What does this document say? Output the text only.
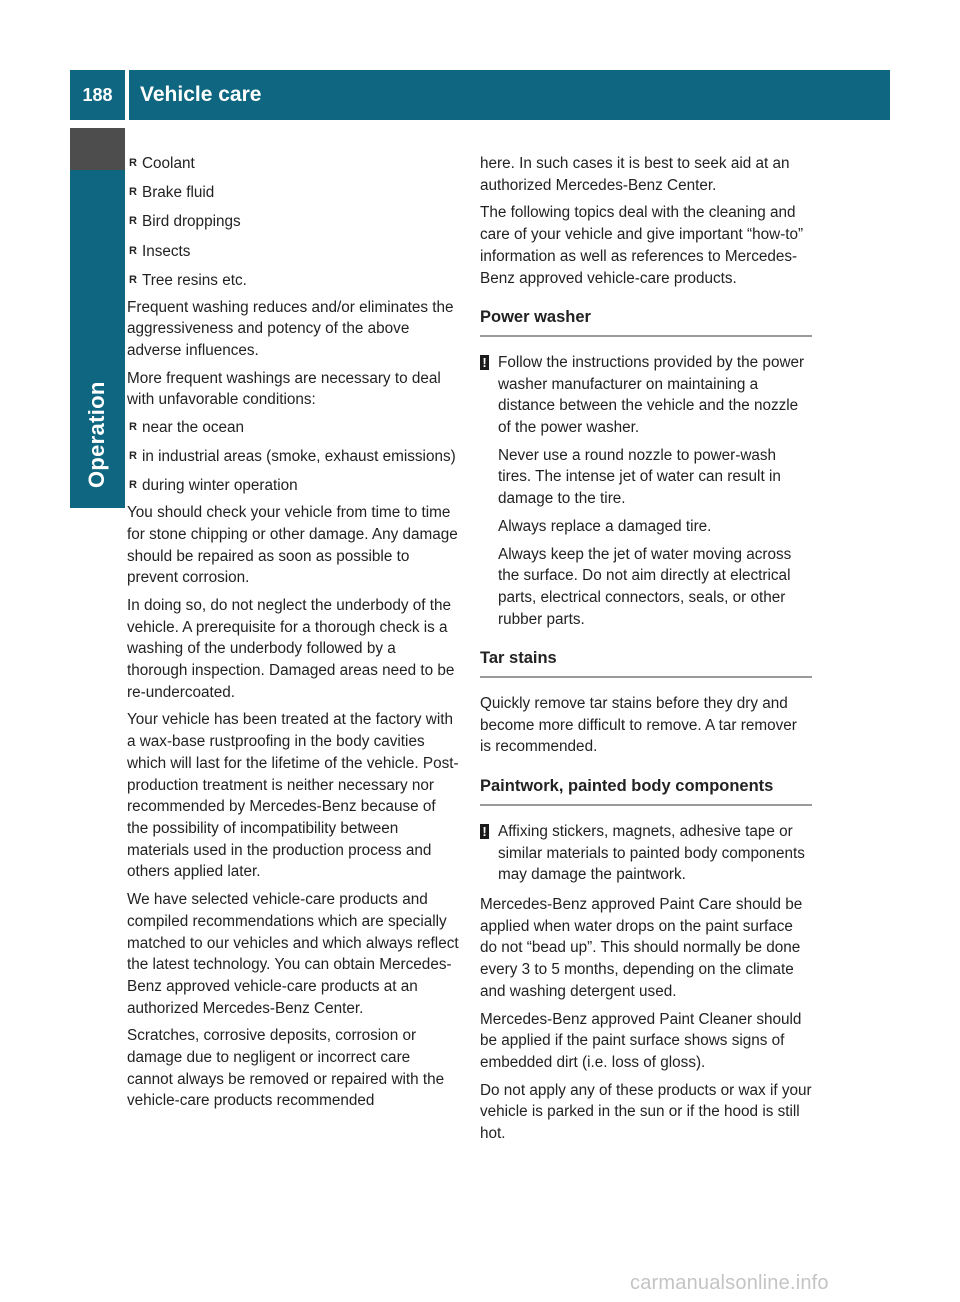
188	Vehicle care
Operation
R Coolant
R Brake fluid
R Bird droppings
R Insects
R Tree resins etc.

Frequent washing reduces and/or eliminates the aggressiveness and potency of the above adverse influences.

More frequent washings are necessary to deal with unfavorable conditions:

R near the ocean
R in industrial areas (smoke, exhaust emissions)
R during winter operation

You should check your vehicle from time to time for stone chipping or other damage. Any damage should be repaired as soon as possible to prevent corrosion.

In doing so, do not neglect the underbody of the vehicle. A prerequisite for a thorough check is a washing of the underbody followed by a thorough inspection. Damaged areas need to be re-undercoated.

Your vehicle has been treated at the factory with a wax-base rustproofing in the body cavities which will last for the lifetime of the vehicle. Post-production treatment is neither necessary nor recommended by Mercedes-Benz because of the possibility of incompatibility between materials used in the production process and others applied later.

We have selected vehicle-care products and compiled recommendations which are specially matched to our vehicles and which always reflect the latest technology. You can obtain Mercedes-Benz approved vehicle-care products at an authorized Mercedes-Benz Center.

Scratches, corrosive deposits, corrosion or damage due to negligent or incorrect care cannot always be removed or repaired with the vehicle-care products recommended

here. In such cases it is best to seek aid at an authorized Mercedes-Benz Center.

The following topics deal with the cleaning and care of your vehicle and give important “how-to” information as well as references to Mercedes-Benz approved vehicle-care products.

Power washer
! Follow the instructions provided by the power washer manufacturer on maintaining a distance between the vehicle and the nozzle of the power washer.

Never use a round nozzle to power-wash tires. The intense jet of water can result in damage to the tire.

Always replace a damaged tire.

Always keep the jet of water moving across the surface. Do not aim directly at electrical parts, electrical connectors, seals, or other rubber parts.

Tar stains

Quickly remove tar stains before they dry and become more difficult to remove. A tar remover is recommended.

Paintwork, painted body components
! Affixing stickers, magnets, adhesive tape or similar materials to painted body components may damage the paintwork.

Mercedes-Benz approved Paint Care should be applied when water drops on the paint surface do not “bead up”. This should normally be done every 3 to 5 months, depending on the climate and washing detergent used.

Mercedes-Benz approved Paint Cleaner should be applied if the paint surface shows signs of embedded dirt (i.e. loss of gloss).

Do not apply any of these products or wax if your vehicle is parked in the sun or if the hood is still hot.

carmanualsonline.info
